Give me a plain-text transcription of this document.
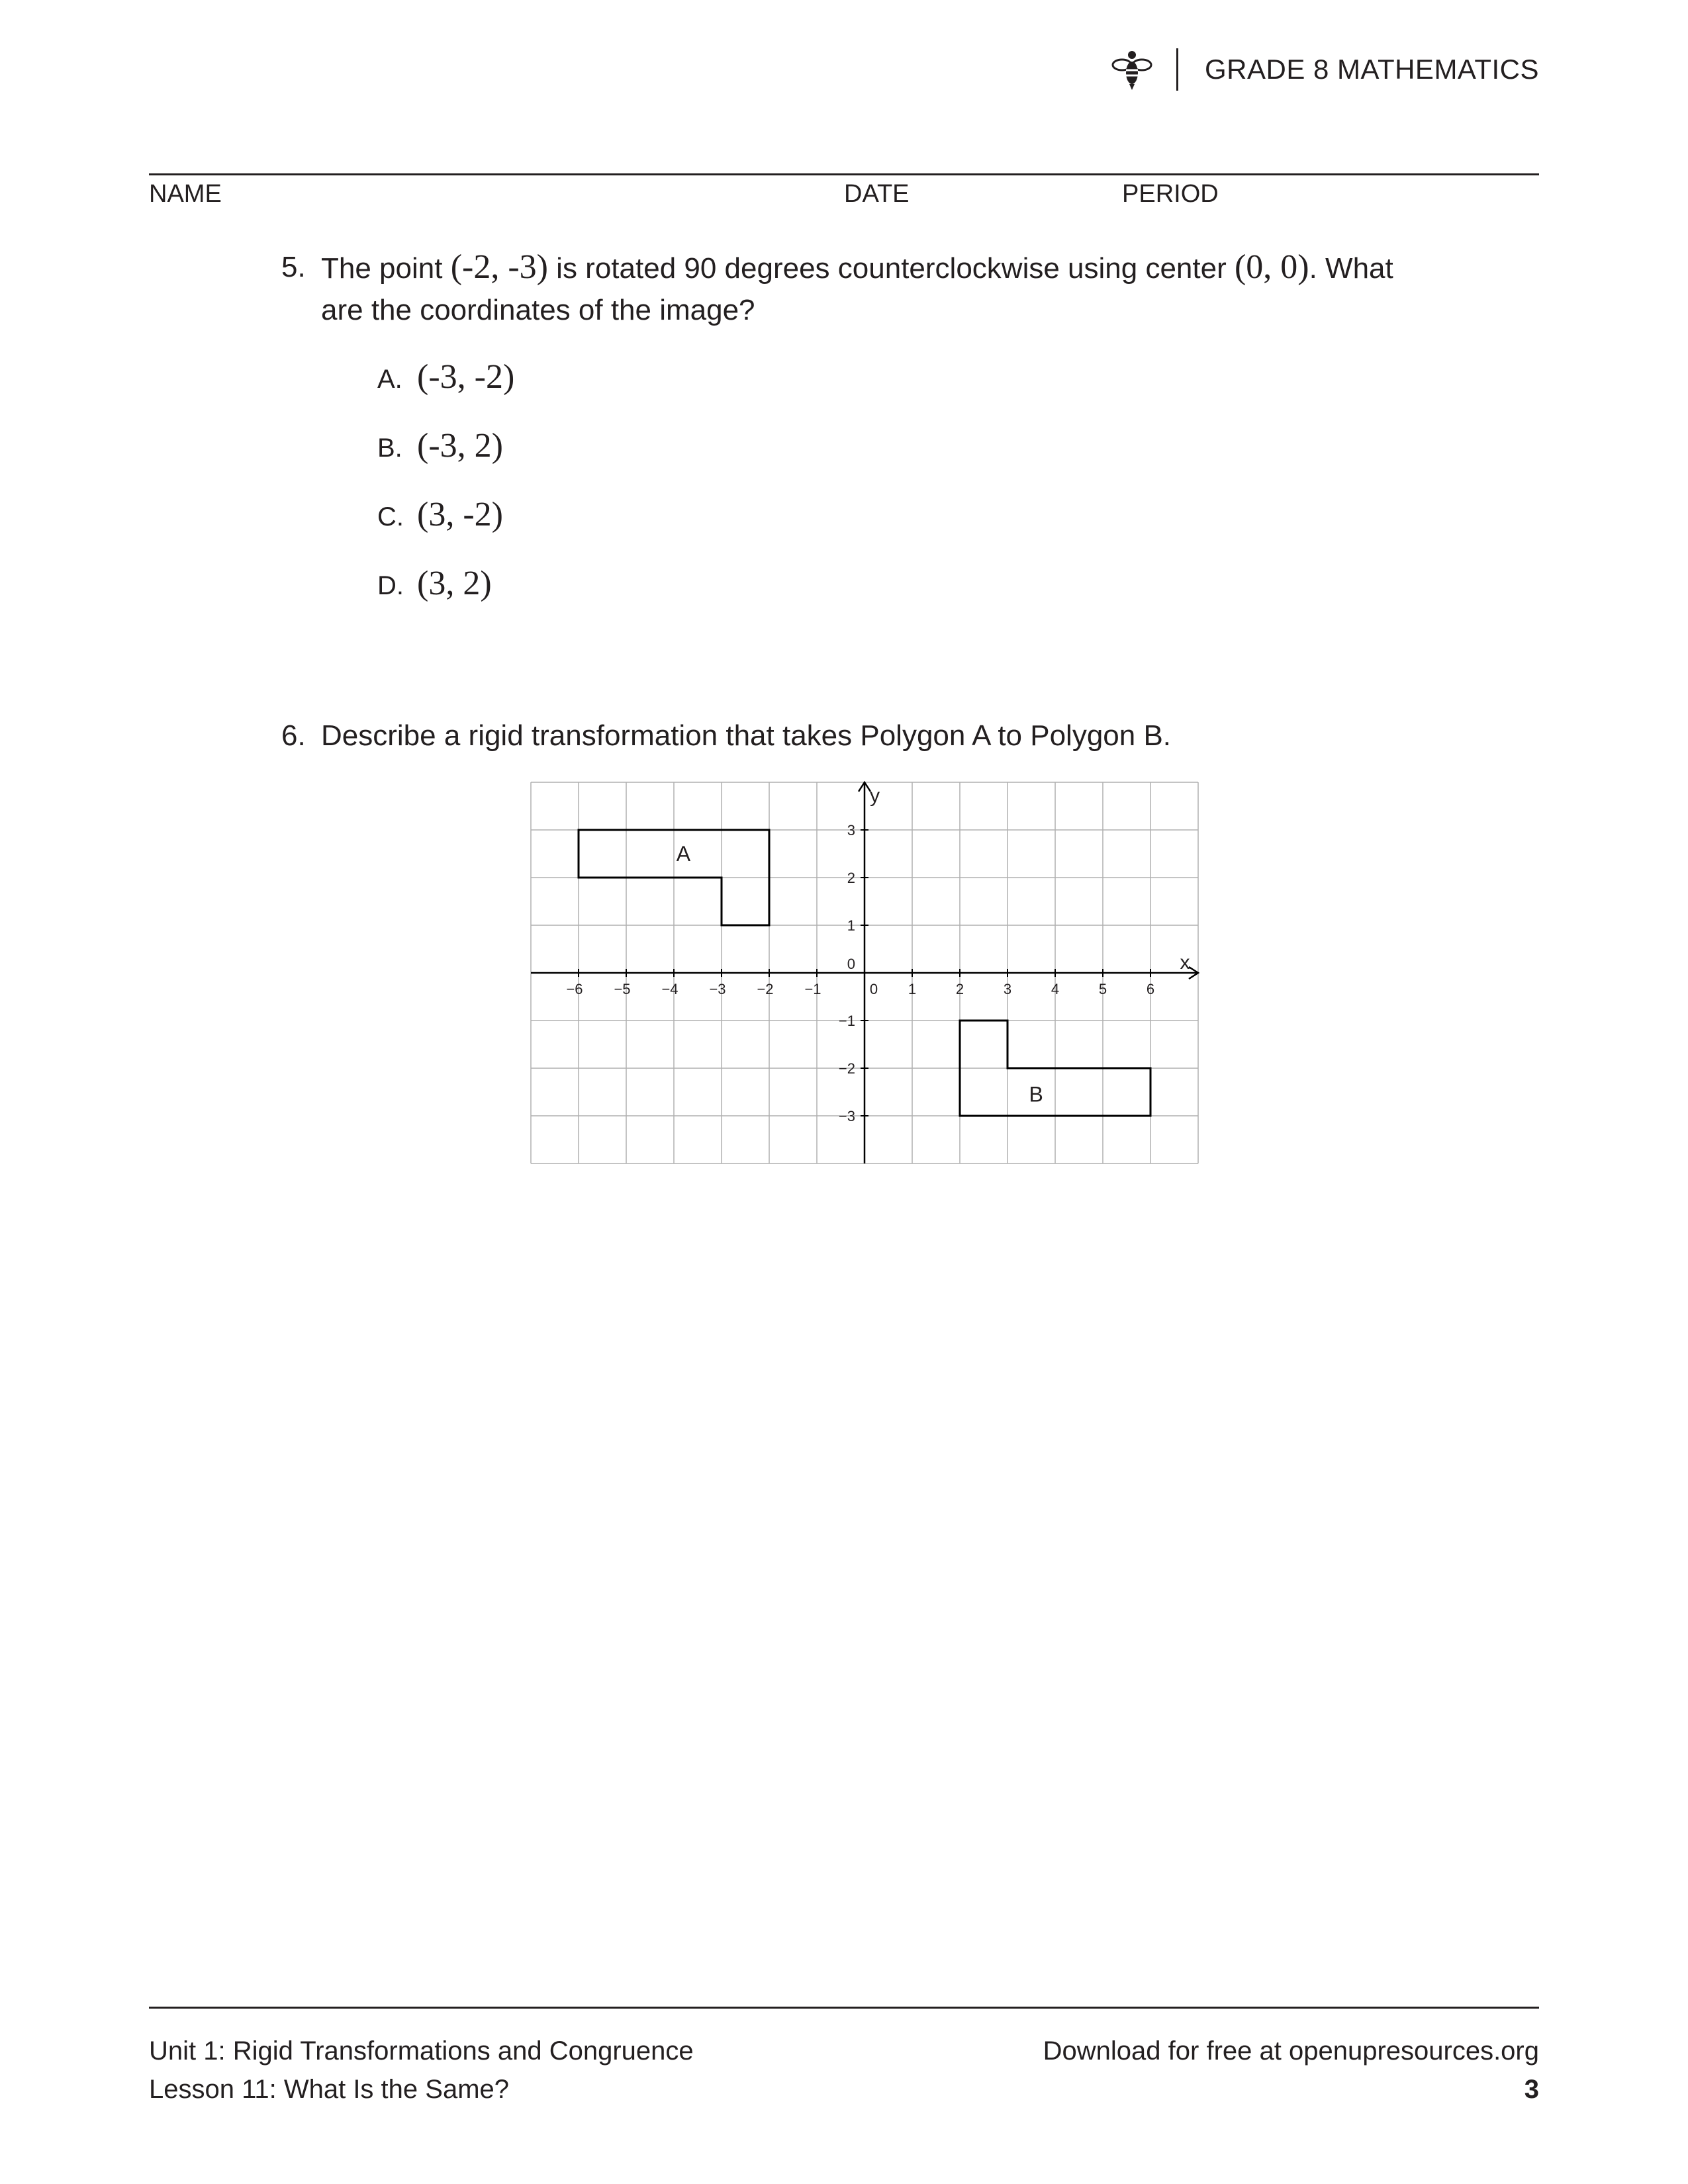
GRADE 8 MATHEMATICS
NAME	DATE	PERIOD
5. The point (-2, -3) is rotated 90 degrees counterclockwise using center (0, 0). What are the coordinates of the image?
A. (-3, -2)
B. (-3, 2)
C. (3, -2)
D. (3, 2)
6. Describe a rigid transformation that takes Polygon A to Polygon B.
x
y
−6 −5 −4 −3 −2 −1	1	2	3	4	5	6
−3
−2
−1
1
2
3
0
0
A
B
Unit 1: Rigid Transformations and Congruence
Lesson 11: What Is the Same?
Download for free at openupresources.org
3
